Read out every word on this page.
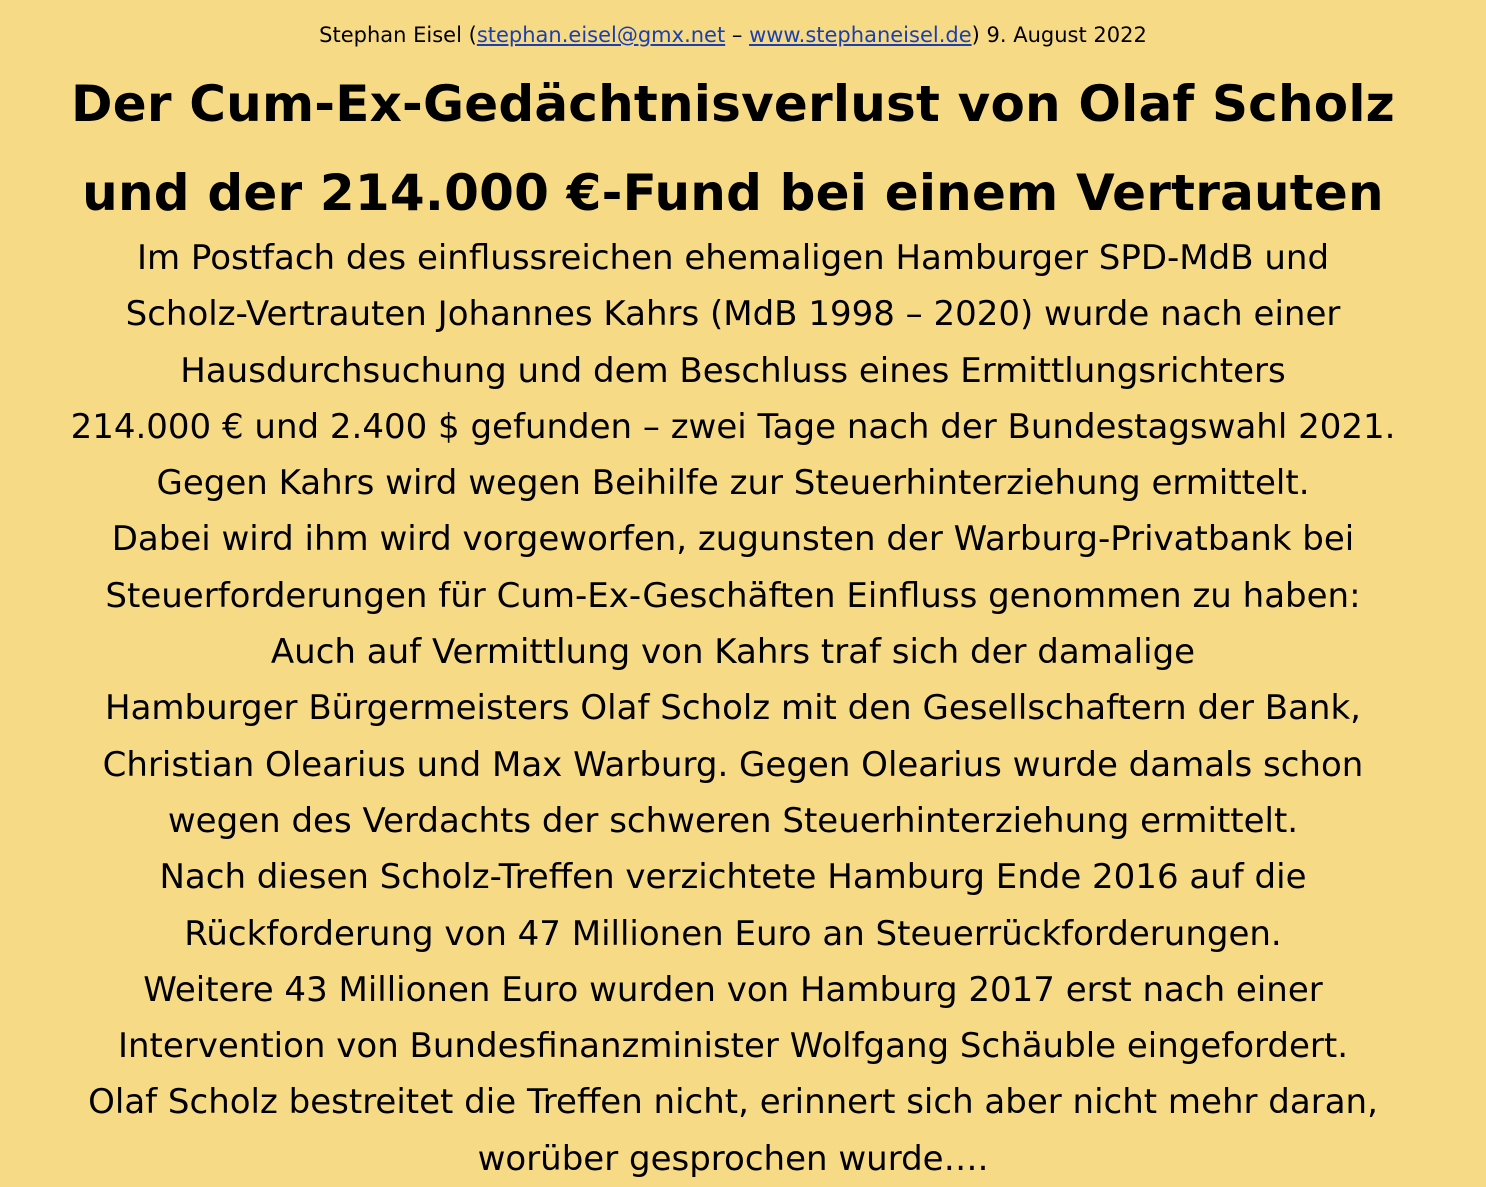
Stephan Eisel (stephan.eisel@gmx.net – www.stephaneisel.de) 9. August 2022
Der Cum-Ex-Gedächtnisverlust von Olaf Scholz
und der 214.000 €-Fund bei einem Vertrauten
Im Postfach des einflussreichen ehemaligen Hamburger SPD-MdB und
Scholz-Vertrauten Johannes Kahrs (MdB 1998 – 2020) wurde nach einer
Hausdurchsuchung und dem Beschluss eines Ermittlungsrichters
214.000 € und 2.400 $ gefunden – zwei Tage nach der Bundestagswahl 2021.
Gegen Kahrs wird wegen Beihilfe zur Steuerhinterziehung ermittelt.
Dabei wird ihm wird vorgeworfen, zugunsten der Warburg-Privatbank bei
Steuerforderungen für Cum-Ex-Geschäften Einfluss genommen zu haben:
Auch auf Vermittlung von Kahrs traf sich der damalige
Hamburger Bürgermeisters Olaf Scholz mit den Gesellschaftern der Bank,
Christian Olearius und Max Warburg. Gegen Olearius wurde damals schon
wegen des Verdachts der schweren Steuerhinterziehung ermittelt.
Nach diesen Scholz-Treffen verzichtete Hamburg Ende 2016 auf die
Rückforderung von 47 Millionen Euro an Steuerrückforderungen.
Weitere 43 Millionen Euro wurden von Hamburg 2017 erst nach einer
Intervention von Bundesfinanzminister Wolfgang Schäuble eingefordert.
Olaf Scholz bestreitet die Treffen nicht, erinnert sich aber nicht mehr daran,
worüber gesprochen wurde….
